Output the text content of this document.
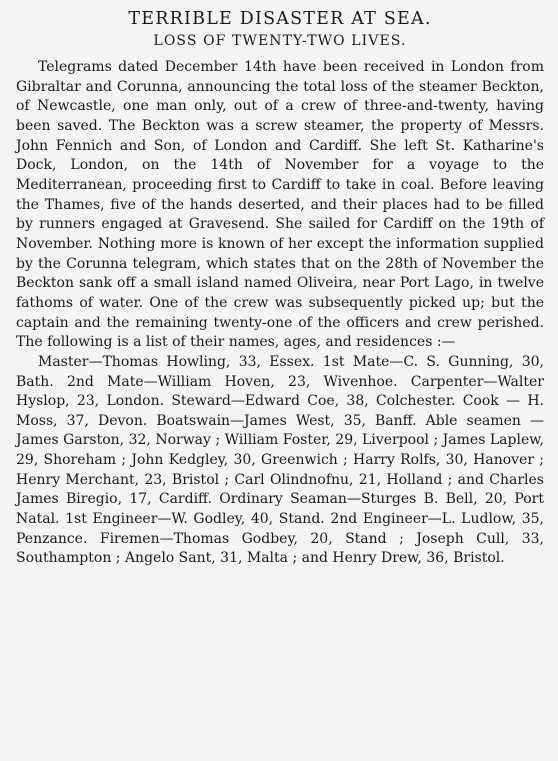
TERRIBLE DISASTER AT SEA.
LOSS OF TWENTY-TWO LIVES.

Telegrams dated December 14th have been received in London from Gibraltar and Corunna, announcing the total loss of the steamer Beckton, of Newcastle, one man only, out of a crew of three-and-twenty, having been saved. The Beckton was a screw steamer, the property of Messrs. John Fennich and Son, of London and Cardiff. She left St. Katharine's Dock, London, on the 14th of November for a voyage to the Mediterranean, proceeding first to Cardiff to take in coal. Before leaving the Thames, five of the hands deserted, and their places had to be filled by runners engaged at Gravesend. She sailed for Cardiff on the 19th of November. Nothing more is known of her except the information supplied by the Corunna telegram, which states that on the 28th of November the Beckton sank off a small island named Oliveira, near Port Lago, in twelve fathoms of water. One of the crew was subsequently picked up; but the captain and the remaining twenty-one of the officers and crew perished. The following is a list of their names, ages, and residences :—

Master—Thomas Howling, 33, Essex. 1st Mate—C. S. Gunning, 30, Bath. 2nd Mate—William Hoven, 23, Wivenhoe. Carpenter—Walter Hyslop, 23, London. Steward—Edward Coe, 38, Colchester. Cook — H. Moss, 37, Devon. Boatswain—James West, 35, Banff. Able seamen — James Garston, 32, Norway ; William Foster, 29, Liverpool ; James Laplew, 29, Shoreham ; John Kedgley, 30, Greenwich ; Harry Rolfs, 30, Hanover ; Henry Merchant, 23, Bristol ; Carl Olindnofnu, 21, Holland ; and Charles James Biregio, 17, Cardiff. Ordinary Seaman—Sturges B. Bell, 20, Port Natal. 1st Engineer—W. Godley, 40, Stand. 2nd Engineer—L. Ludlow, 35, Penzance. Firemen—Thomas Godbey, 20, Stand ; Joseph Cull, 33, Southampton ; Angelo Sant, 31, Malta ; and Henry Drew, 36, Bristol.
